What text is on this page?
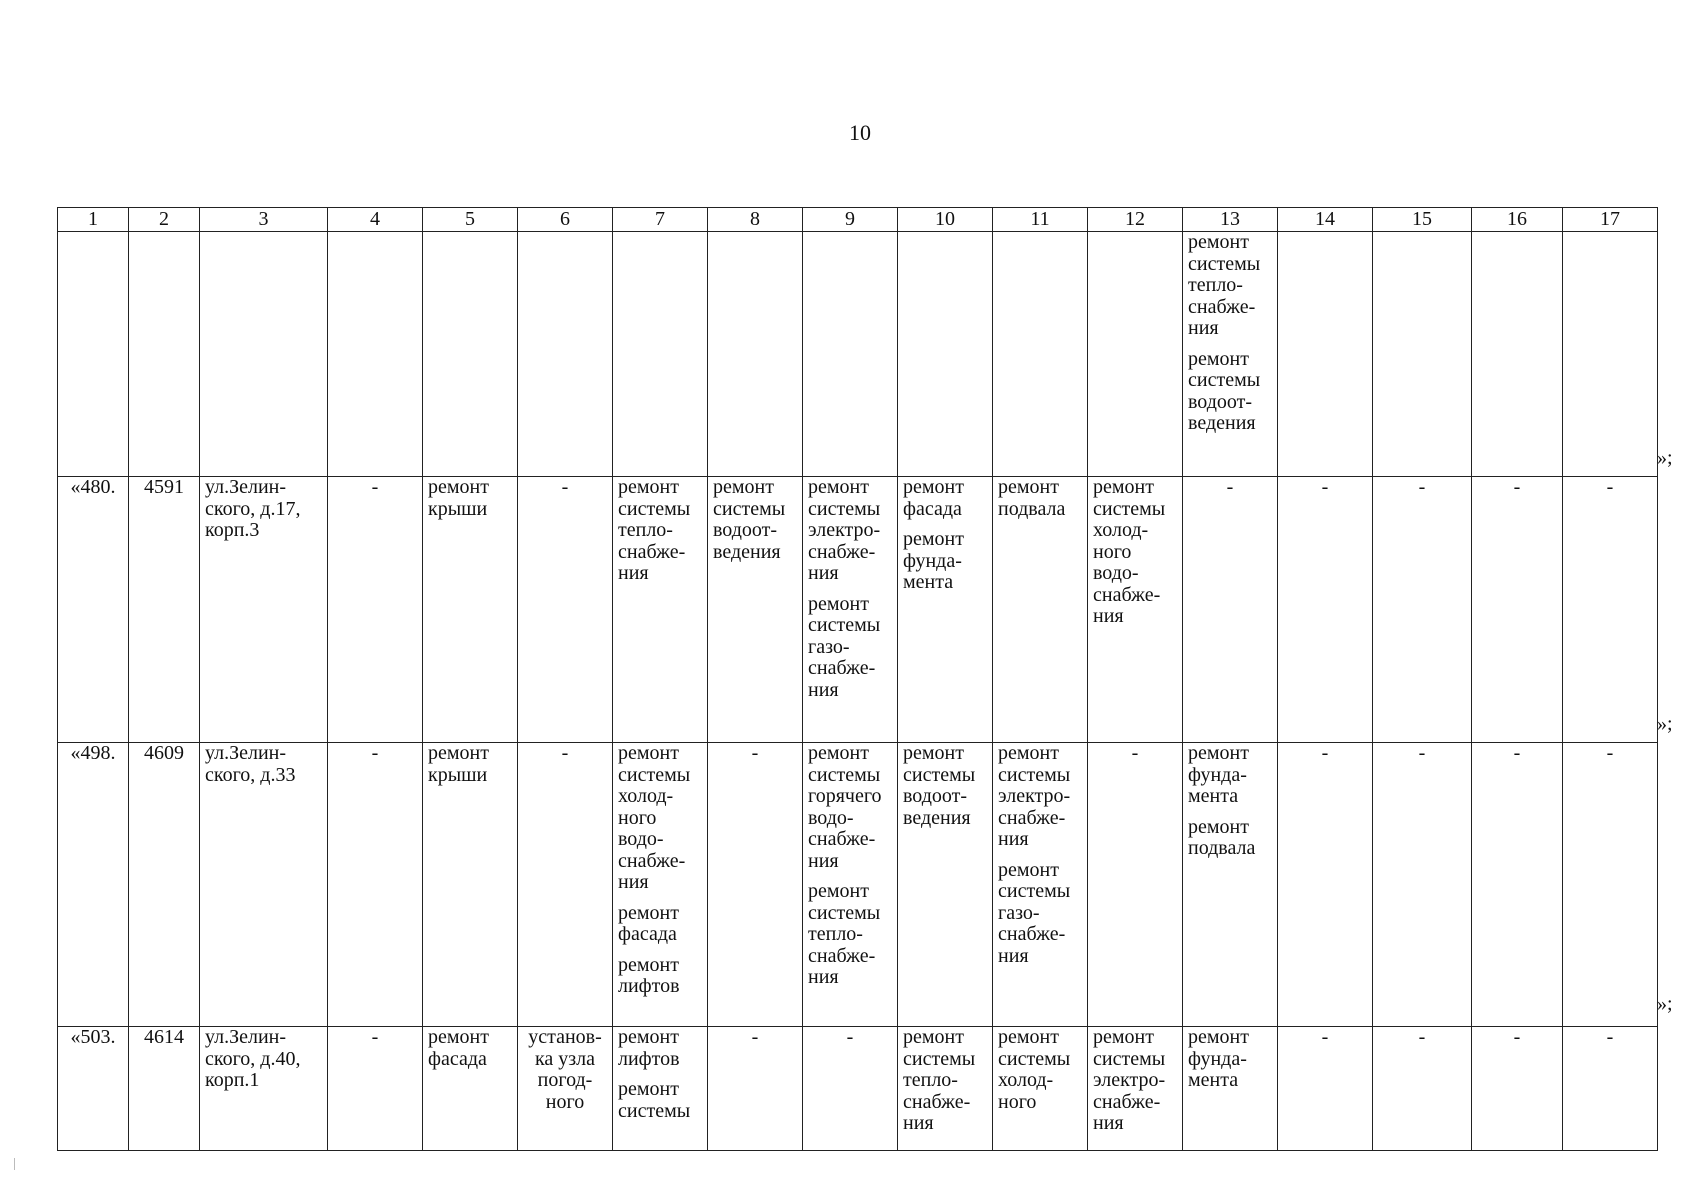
10
1	2	3	4	5	6	7	8	9	10	11	12	13	14	15	16	17

												ремонт системы тепло-снабже-ния
ремонт системы водоот-ведения				

«480.	4591	ул.Зелин-ского, д.17, корп.3	-	ремонт крыши	-	ремонт системы тепло-снабже-ния	ремонт системы водоот-ведения	ремонт системы электро-снабже-ния
ремонт системы газо-снабже-ния	ремонт фасада
ремонт фунда-мента	ремонт подвала	ремонт системы холод-ного водо-снабже-ния	-	-	-	-	-

«498.	4609	ул.Зелин-ского, д.33	-	ремонт крыши	-	ремонт системы холод-ного водо-снабже-ния
ремонт фасада
ремонт лифтов	-	ремонт системы горячего водо-снабже-ния
ремонт системы тепло-снабже-ния	ремонт системы водоот-ведения	ремонт системы электро-снабже-ния
ремонт системы газо-снабже-ния	-	ремонт фунда-мента
ремонт подвала	-	-	-	-

«503.	4614	ул.Зелин-ского, д.40, корп.1	-	ремонт фасада	установ-ка узла погод-ного	ремонт лифтов
ремонт системы	-	-	ремонт системы тепло-снабже-ния	ремонт системы холод-ного	ремонт системы электро-снабже-ния	ремонт фунда-мента	-	-	-	-
»;
»;
»;
